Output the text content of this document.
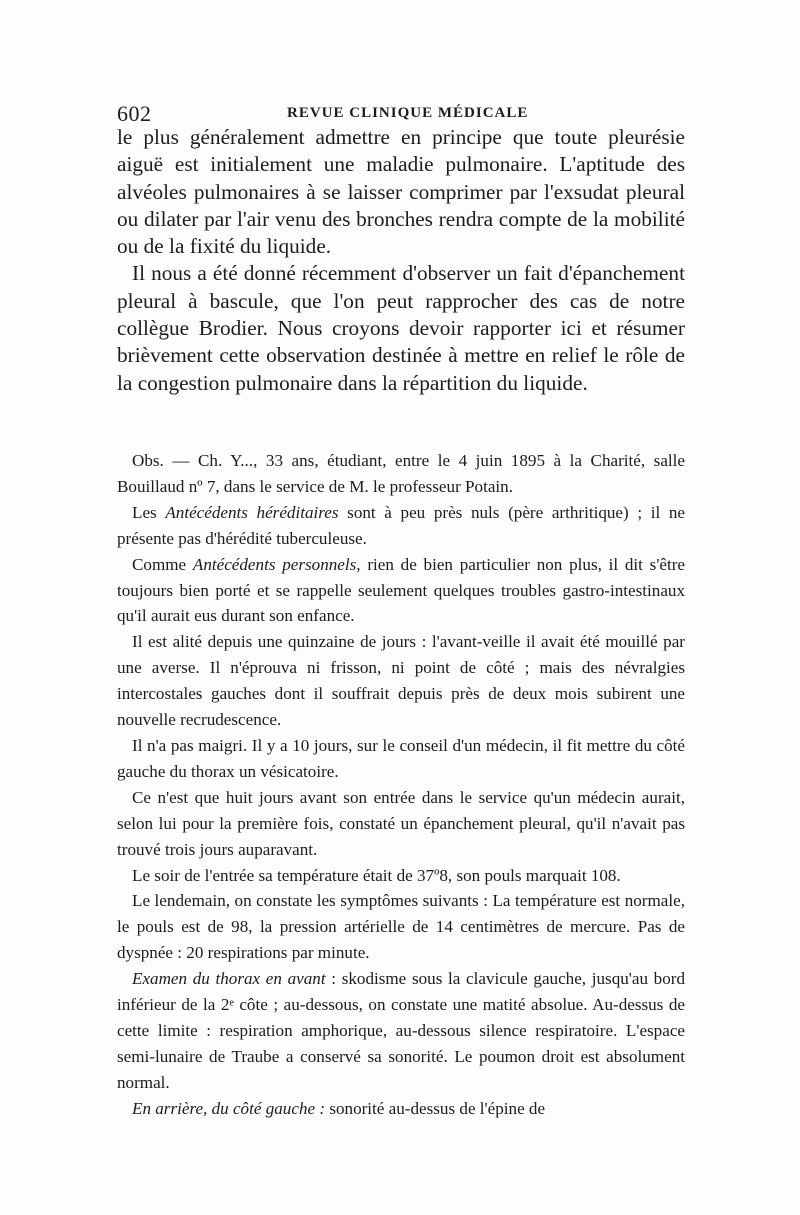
602	REVUE CLINIQUE MÉDICALE

le plus généralement admettre en principe que toute pleurésie aiguë est initialement une maladie pulmonaire. L'aptitude des alvéoles pulmonaires à se laisser comprimer par l'exsudat pleural ou dilater par l'air venu des bronches rendra compte de la mobilité ou de la fixité du liquide.

Il nous a été donné récemment d'observer un fait d'épanchement pleural à bascule, que l'on peut rapprocher des cas de notre collègue Brodier. Nous croyons devoir rapporter ici et résumer brièvement cette observation destinée à mettre en relief le rôle de la congestion pulmonaire dans la répartition du liquide.

Obs. — Ch. Y..., 33 ans, étudiant, entre le 4 juin 1895 à la Charité, salle Bouillaud nº 7, dans le service de M. le professeur Potain.

Les Antécédents héréditaires sont à peu près nuls (père arthritique) ; il ne présente pas d'hérédité tuberculeuse.

Comme Antécédents personnels, rien de bien particulier non plus, il dit s'être toujours bien porté et se rappelle seulement quelques troubles gastro-intestinaux qu'il aurait eus durant son enfance.

Il est alité depuis une quinzaine de jours : l'avant-veille il avait été mouillé par une averse. Il n'éprouva ni frisson, ni point de côté ; mais des névralgies intercostales gauches dont il souffrait depuis près de deux mois subirent une nouvelle recrudescence.

Il n'a pas maigri. Il y a 10 jours, sur le conseil d'un médecin, il fit mettre du côté gauche du thorax un vésicatoire.

Ce n'est que huit jours avant son entrée dans le service qu'un médecin aurait, selon lui pour la première fois, constaté un épanchement pleural, qu'il n'avait pas trouvé trois jours auparavant.

Le soir de l'entrée sa température était de 37º8, son pouls marquait 108.

Le lendemain, on constate les symptômes suivants : La température est normale, le pouls est de 98, la pression artérielle de 14 centimètres de mercure. Pas de dyspnée : 20 respirations par minute.

Examen du thorax en avant : skodisme sous la clavicule gauche, jusqu'au bord inférieur de la 2ᵉ côte ; au-dessous, on constate une matité absolue. Au-dessus de cette limite : respiration amphorique, au-dessous silence respiratoire. L'espace semi-lunaire de Traube a conservé sa sonorité. Le poumon droit est absolument normal.

En arrière, du côté gauche : sonorité au-dessus de l'épine de
